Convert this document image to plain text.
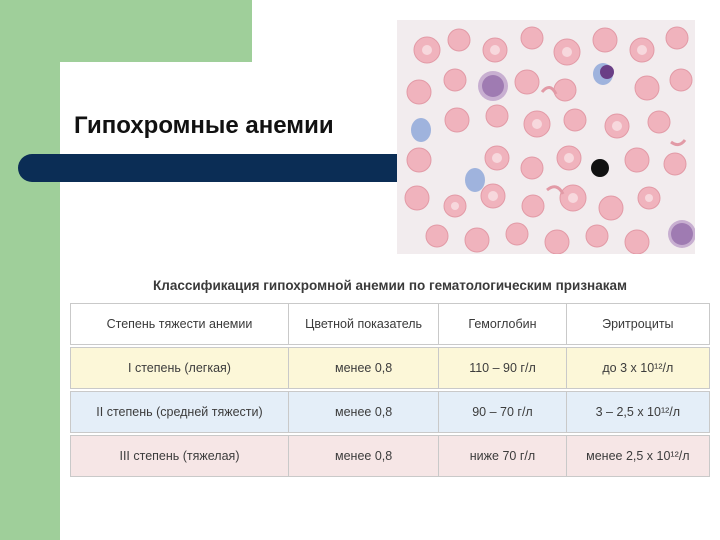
Гипохромные анемии
Классификация гипохромной анемии по гематологическим признакам
Степень тяжести анемии	Цветной показатель	Гемоглобин	Эритроциты
I степень (легкая)	менее 0,8	110 – 90 г/л	до 3 х 10¹²/л
II степень (средней тяжести)	менее 0,8	90 – 70 г/л	3 – 2,5 х 10¹²/л
III степень (тяжелая)	менее 0,8	ниже 70 г/л	менее 2,5 х 10¹²/л
